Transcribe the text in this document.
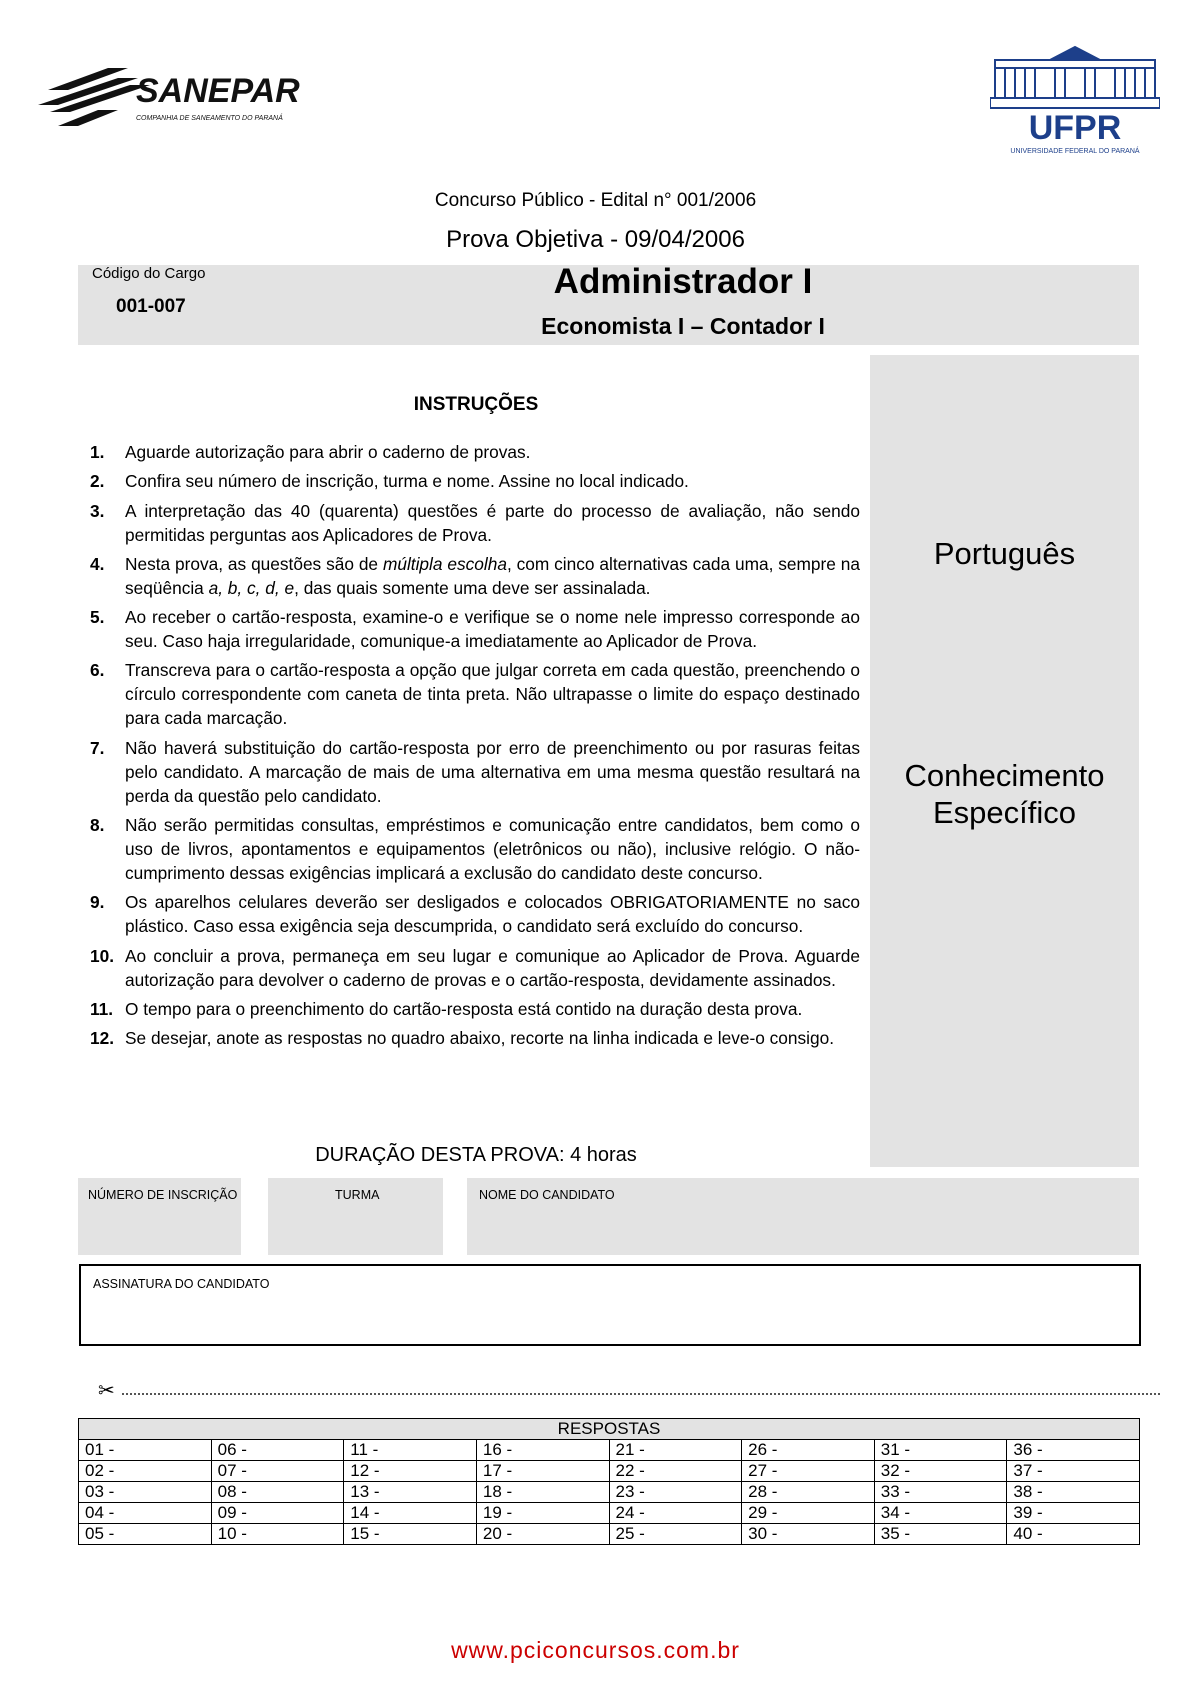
SANEPAR
COMPANHIA DE SANEAMENTO DO PARANÁ	UFPR
UNIVERSIDADE FEDERAL DO PARANÁ
Concurso Público - Edital n° 001/2006
Prova Objetiva - 09/04/2006
Código do Cargo
001-007
Administrador I
Economista I – Contador I
Português
Conhecimento
Específico
INSTRUÇÕES
1. Aguarde autorização para abrir o caderno de provas.
2. Confira seu número de inscrição, turma e nome. Assine no local indicado.
3. A interpretação das 40 (quarenta) questões é parte do processo de avaliação, não sendo permitidas perguntas aos Aplicadores de Prova.
4. Nesta prova, as questões são de múltipla escolha, com cinco alternativas cada uma, sempre na seqüência a, b, c, d, e, das quais somente uma deve ser assinalada.
5. Ao receber o cartão-resposta, examine-o e verifique se o nome nele impresso corresponde ao seu. Caso haja irregularidade, comunique-a imediatamente ao Aplicador de Prova.
6. Transcreva para o cartão-resposta a opção que julgar correta em cada questão, preenchendo o círculo correspondente com caneta de tinta preta. Não ultrapasse o limite do espaço destinado para cada marcação.
7. Não haverá substituição do cartão-resposta por erro de preenchimento ou por rasuras feitas pelo candidato. A marcação de mais de uma alternativa em uma mesma questão resultará na perda da questão pelo candidato.
8. Não serão permitidas consultas, empréstimos e comunicação entre candidatos, bem como o uso de livros, apontamentos e equipamentos (eletrônicos ou não), inclusive relógio. O não-cumprimento dessas exigências implicará a exclusão do candidato deste concurso.
9. Os aparelhos celulares deverão ser desligados e colocados OBRIGATORIAMENTE no saco plástico. Caso essa exigência seja descumprida, o candidato será excluído do concurso.
10. Ao concluir a prova, permaneça em seu lugar e comunique ao Aplicador de Prova. Aguarde autorização para devolver o caderno de provas e o cartão-resposta, devidamente assinados.
11. O tempo para o preenchimento do cartão-resposta está contido na duração desta prova.
12. Se desejar, anote as respostas no quadro abaixo, recorte na linha indicada e leve-o consigo.
DURAÇÃO DESTA PROVA: 4 horas
NÚMERO DE INSCRIÇÃO	TURMA	NOME DO CANDIDATO
ASSINATURA DO CANDIDATO
✂
RESPOSTAS							
01 -	06 -	11 -	16 -	21 -	26 -	31 -	36 -
02 -	07 -	12 -	17 -	22 -	27 -	32 -	37 -
03 -	08 -	13 -	18 -	23 -	28 -	33 -	38 -
04 -	09 -	14 -	19 -	24 -	29 -	34 -	39 -
05 -	10 -	15 -	20 -	25 -	30 -	35 -	40 -
www.pciconcursos.com.br
